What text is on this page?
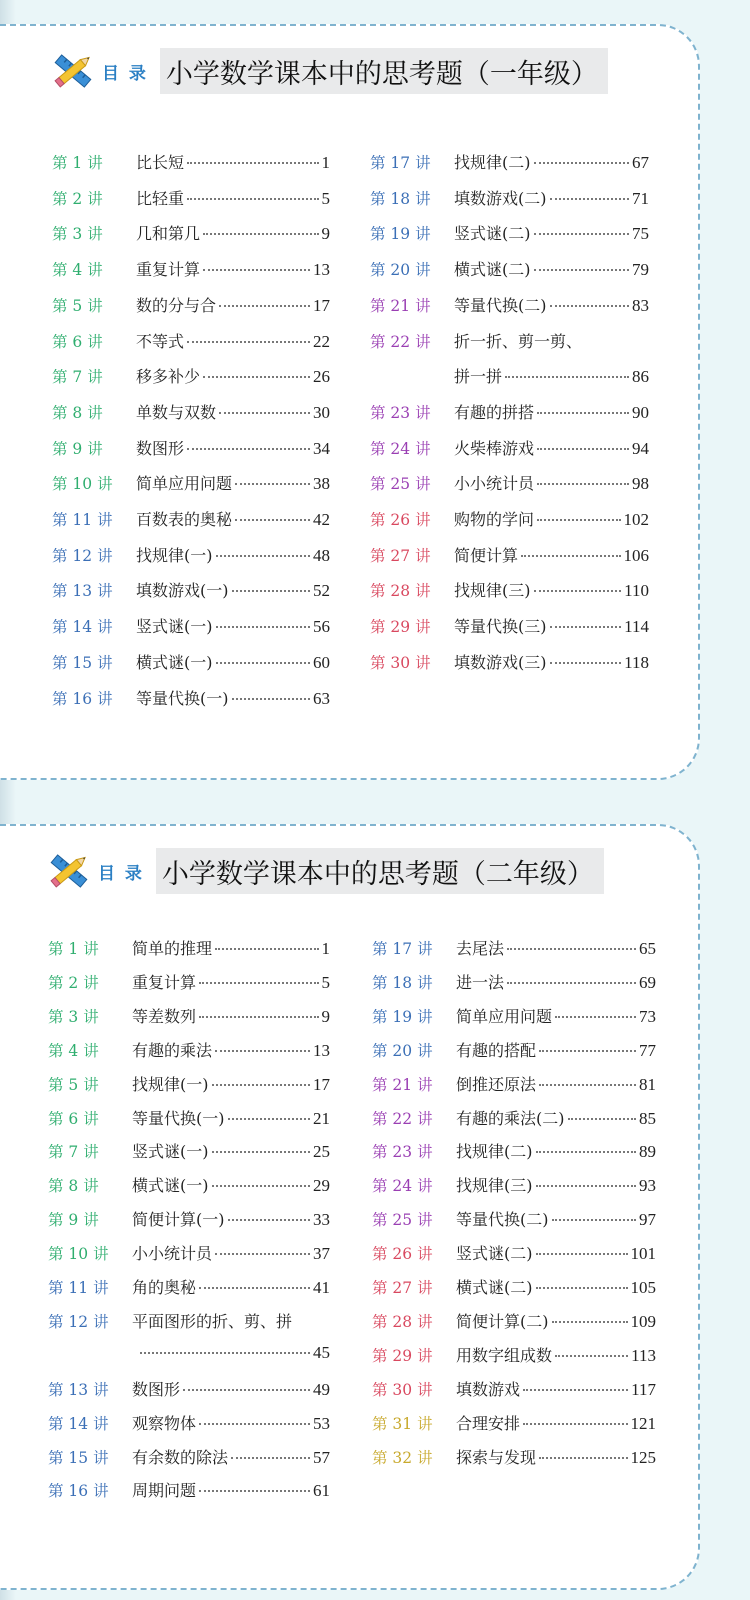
目 录 小学数学课本中的思考题（一年级）
第 1 讲	比长短	1
第 2 讲	比轻重	5
第 3 讲	几和第几	9
第 4 讲	重复计算	13
第 5 讲	数的分与合	17
第 6 讲	不等式	22
第 7 讲	移多补少	26
第 8 讲	单数与双数	30
第 9 讲	数图形	34
第 10 讲	简单应用问题	38
第 11 讲	百数表的奥秘	42
第 12 讲	找规律(一)	48
第 13 讲	填数游戏(一)	52
第 14 讲	竖式谜(一)	56
第 15 讲	横式谜(一)	60
第 16 讲	等量代换(一)	63
第 17 讲	找规律(二)	67
第 18 讲	填数游戏(二)	71
第 19 讲	竖式谜(二)	75
第 20 讲	横式谜(二)	79
第 21 讲	等量代换(二)	83
第 22 讲	折一折、剪一剪、
拼一拼	86
第 23 讲	有趣的拼搭	90
第 24 讲	火柴棒游戏	94
第 25 讲	小小统计员	98
第 26 讲	购物的学问	102
第 27 讲	简便计算	106
第 28 讲	找规律(三)	110
第 29 讲	等量代换(三)	114
第 30 讲	填数游戏(三)	118
目 录 小学数学课本中的思考题（二年级）
第 1 讲	简单的推理	1
第 2 讲	重复计算	5
第 3 讲	等差数列	9
第 4 讲	有趣的乘法	13
第 5 讲	找规律(一)	17
第 6 讲	等量代换(一)	21
第 7 讲	竖式谜(一)	25
第 8 讲	横式谜(一)	29
第 9 讲	简便计算(一)	33
第 10 讲	小小统计员	37
第 11 讲	角的奥秘	41
第 12 讲	平面图形的折、剪、拼
45
第 13 讲	数图形	49
第 14 讲	观察物体	53
第 15 讲	有余数的除法	57
第 16 讲	周期问题	61
第 17 讲	去尾法	65
第 18 讲	进一法	69
第 19 讲	简单应用问题	73
第 20 讲	有趣的搭配	77
第 21 讲	倒推还原法	81
第 22 讲	有趣的乘法(二)	85
第 23 讲	找规律(二)	89
第 24 讲	找规律(三)	93
第 25 讲	等量代换(二)	97
第 26 讲	竖式谜(二)	101
第 27 讲	横式谜(二)	105
第 28 讲	简便计算(二)	109
第 29 讲	用数字组成数	113
第 30 讲	填数游戏	117
第 31 讲	合理安排	121
第 32 讲	探索与发现	125
